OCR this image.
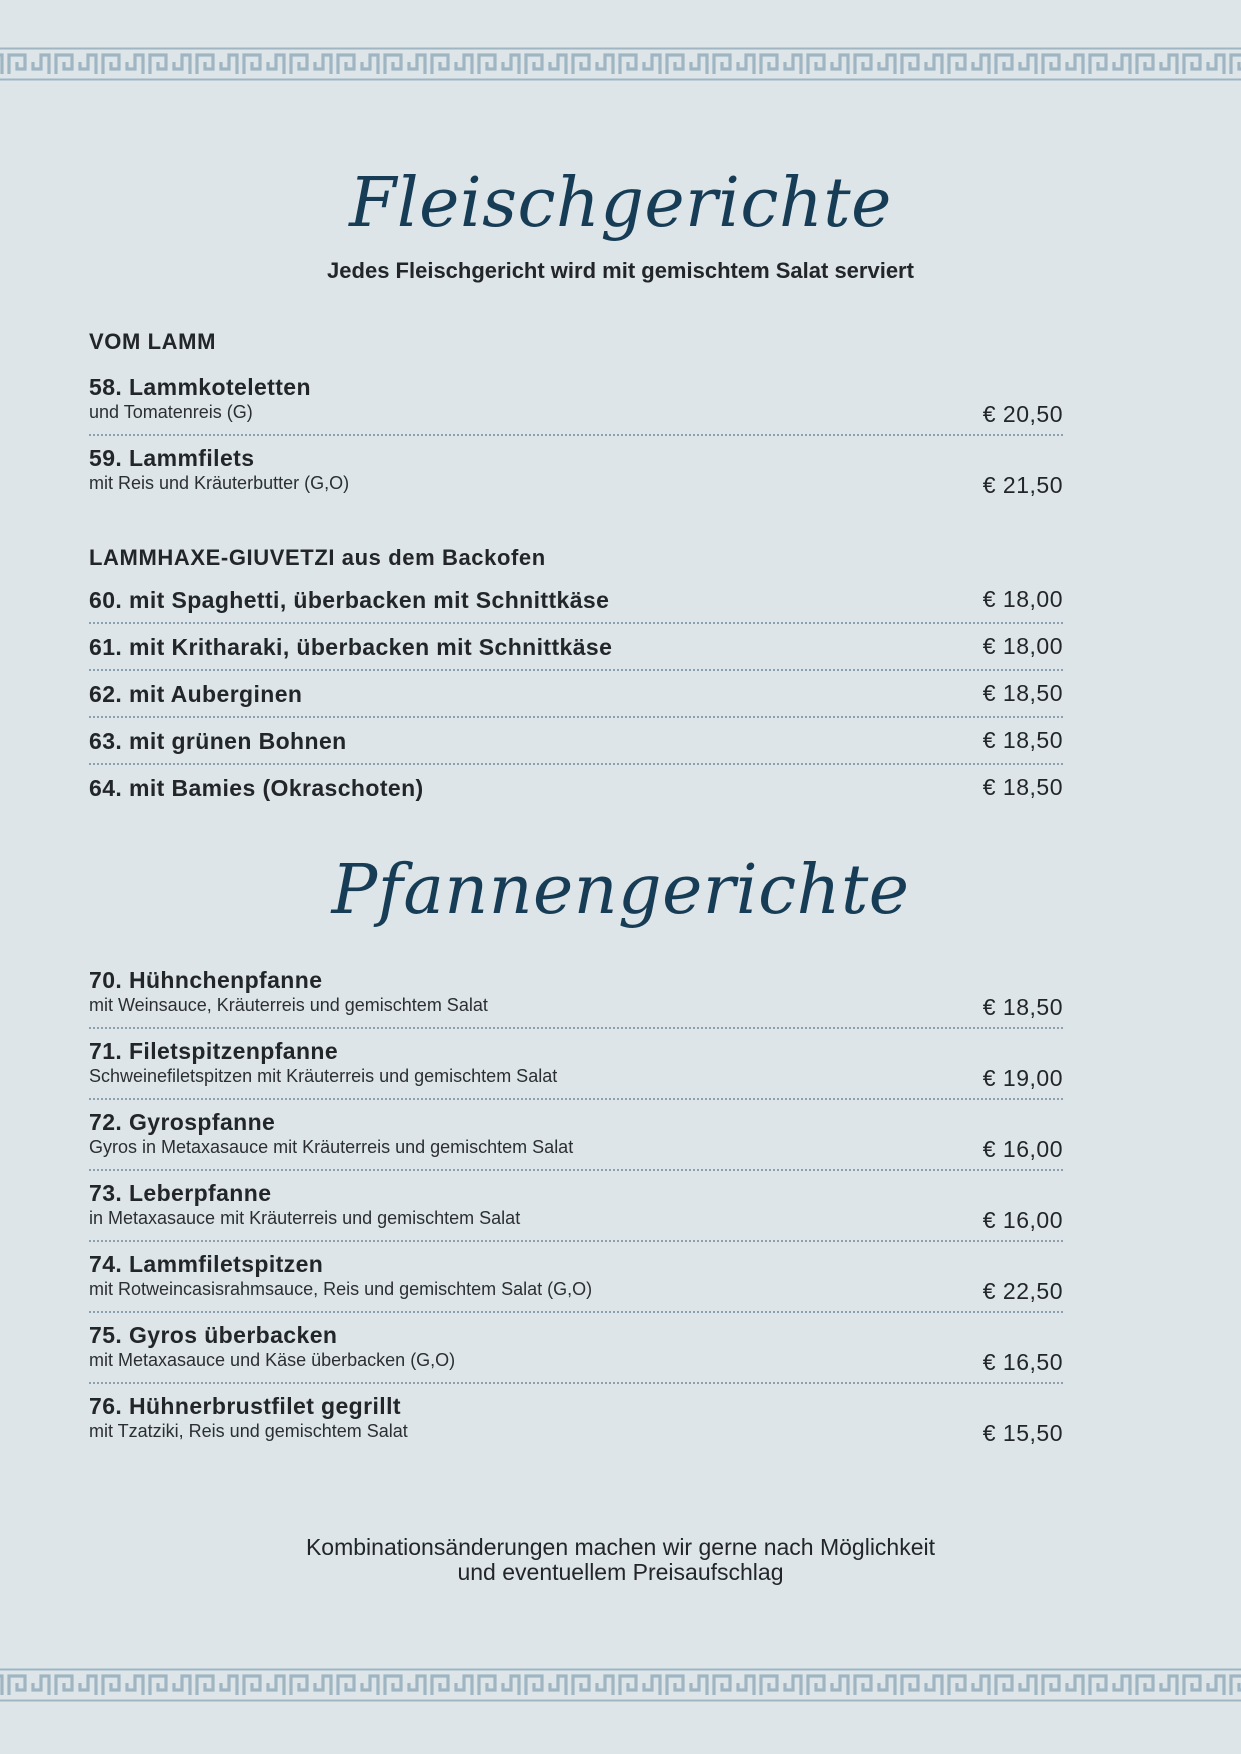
Fleischgerichte
Jedes Fleischgericht wird mit gemischtem Salat serviert
VOM LAMM
58. Lammkoteletten
und Tomatenreis (G)	€ 20,50
59. Lammfilets
mit Reis und Kräuterbutter (G,O)	€ 21,50
LAMMHAXE-GIUVETZI aus dem Backofen
60. mit Spaghetti, überbacken mit Schnittkäse	€ 18,00
61. mit Kritharaki, überbacken mit Schnittkäse	€ 18,00
62. mit Auberginen	€ 18,50
63. mit grünen Bohnen	€ 18,50
64. mit Bamies (Okraschoten)	€ 18,50
Pfannengerichte
70. Hühnchenpfanne
mit Weinsauce, Kräuterreis und gemischtem Salat	€ 18,50
71. Filetspitzenpfanne
Schweinefiletspitzen mit Kräuterreis und gemischtem Salat	€ 19,00
72. Gyrospfanne
Gyros in Metaxasauce mit Kräuterreis und gemischtem Salat	€ 16,00
73. Leberpfanne
in Metaxasauce mit Kräuterreis und gemischtem Salat	€ 16,00
74. Lammfiletspitzen
mit Rotweincasisrahmsauce, Reis und gemischtem Salat (G,O)	€ 22,50
75. Gyros überbacken
mit Metaxasauce und Käse überbacken (G,O)	€ 16,50
76. Hühnerbrustfilet gegrillt
mit Tzatziki, Reis und gemischtem Salat	€ 15,50
Kombinationsänderungen machen wir gerne nach Möglichkeit
und eventuellem Preisaufschlag
